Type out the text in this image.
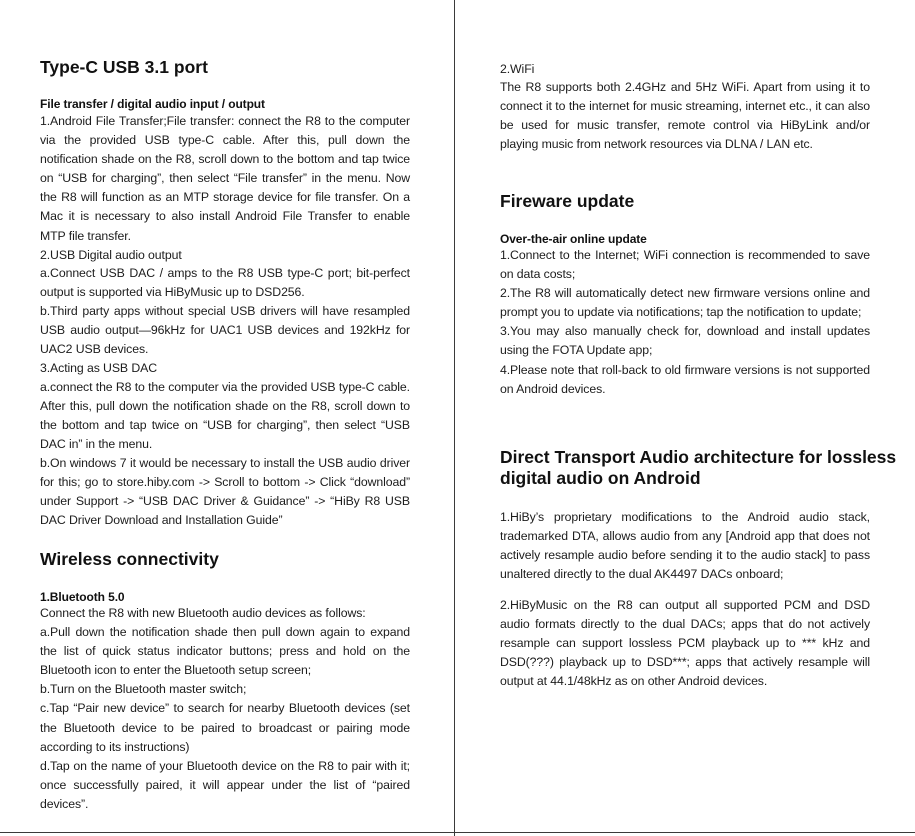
Type-C USB 3.1 port
File transfer / digital audio input / output

1.Android File Transfer;File transfer: connect the R8 to the computer via the provided USB type-C cable. After this, pull down the notification shade on the R8, scroll down to the bottom and tap twice on “USB for charging”, then select “File transfer” in the menu. Now the R8 will function as an MTP storage device for file transfer. On a Mac it is necessary to also install Android File Transfer to enable MTP file transfer.

2.USB Digital audio output

a.Connect USB DAC / amps to the R8 USB type-C port; bit-perfect output is supported via HiByMusic up to DSD256.

b.Third party apps without special USB drivers will have resampled USB audio output—96kHz for UAC1 USB devices and 192kHz for UAC2 USB devices.

3.Acting as USB DAC

a.connect the R8 to the computer via the provided USB type-C cable. After this, pull down the notification shade on the R8, scroll down to the bottom and tap twice on “USB for charging”, then select “USB DAC in” in the menu.

b.On windows 7 it would be necessary to install the USB audio driver for this; go to store.hiby.com -> Scroll to bottom -> Click “download” under Support -> “USB DAC Driver & Guidance” -> “HiBy R8 USB DAC Driver Download and Installation Guide”

Wireless connectivity
1.Bluetooth 5.0

Connect the R8 with new Bluetooth audio devices as follows:

a.Pull down the notification shade then pull down again to expand the list of quick status indicator buttons; press and hold on the Bluetooth icon to enter the Bluetooth setup screen;

b.Turn on the Bluetooth master switch;

c.Tap “Pair new device” to search for nearby Bluetooth devices (set the Bluetooth device to be paired to broadcast or pairing mode according to its instructions)

d.Tap on the name of your Bluetooth device on the R8 to pair with it; once successfully paired, it will appear under the list of “paired devices”.

2.WiFi

The R8 supports both 2.4GHz and 5Hz WiFi. Apart from using it to connect it to the internet for music streaming, internet etc., it can also be used for music transfer, remote control via HiByLink and/or playing music from network resources via DLNA / LAN etc.

Fireware update
Over-the-air online update

1.Connect to the Internet; WiFi connection is recommended to save on data costs;

2.The R8 will automatically detect new firmware versions online and prompt you to update via notifications; tap the notification to update;

3.You may also manually check for, download and install updates using the FOTA Update app;

4.Please note that roll-back to old firmware versions is not supported on Android devices.

Direct Transport Audio architecture for lossless digital audio on Android

1.HiBy’s proprietary modifications to the Android audio stack, trademarked DTA, allows audio from any [Android app that does not actively resample audio before sending it to the audio stack] to pass unaltered directly to the dual AK4497 DACs onboard;

2.HiByMusic on the R8 can output all supported PCM and DSD audio formats directly to the dual DACs; apps that do not actively resample can support lossless PCM playback up to *** kHz and DSD(???) playback up to DSD***; apps that actively resample will output at 44.1/48kHz as on other Android devices.
